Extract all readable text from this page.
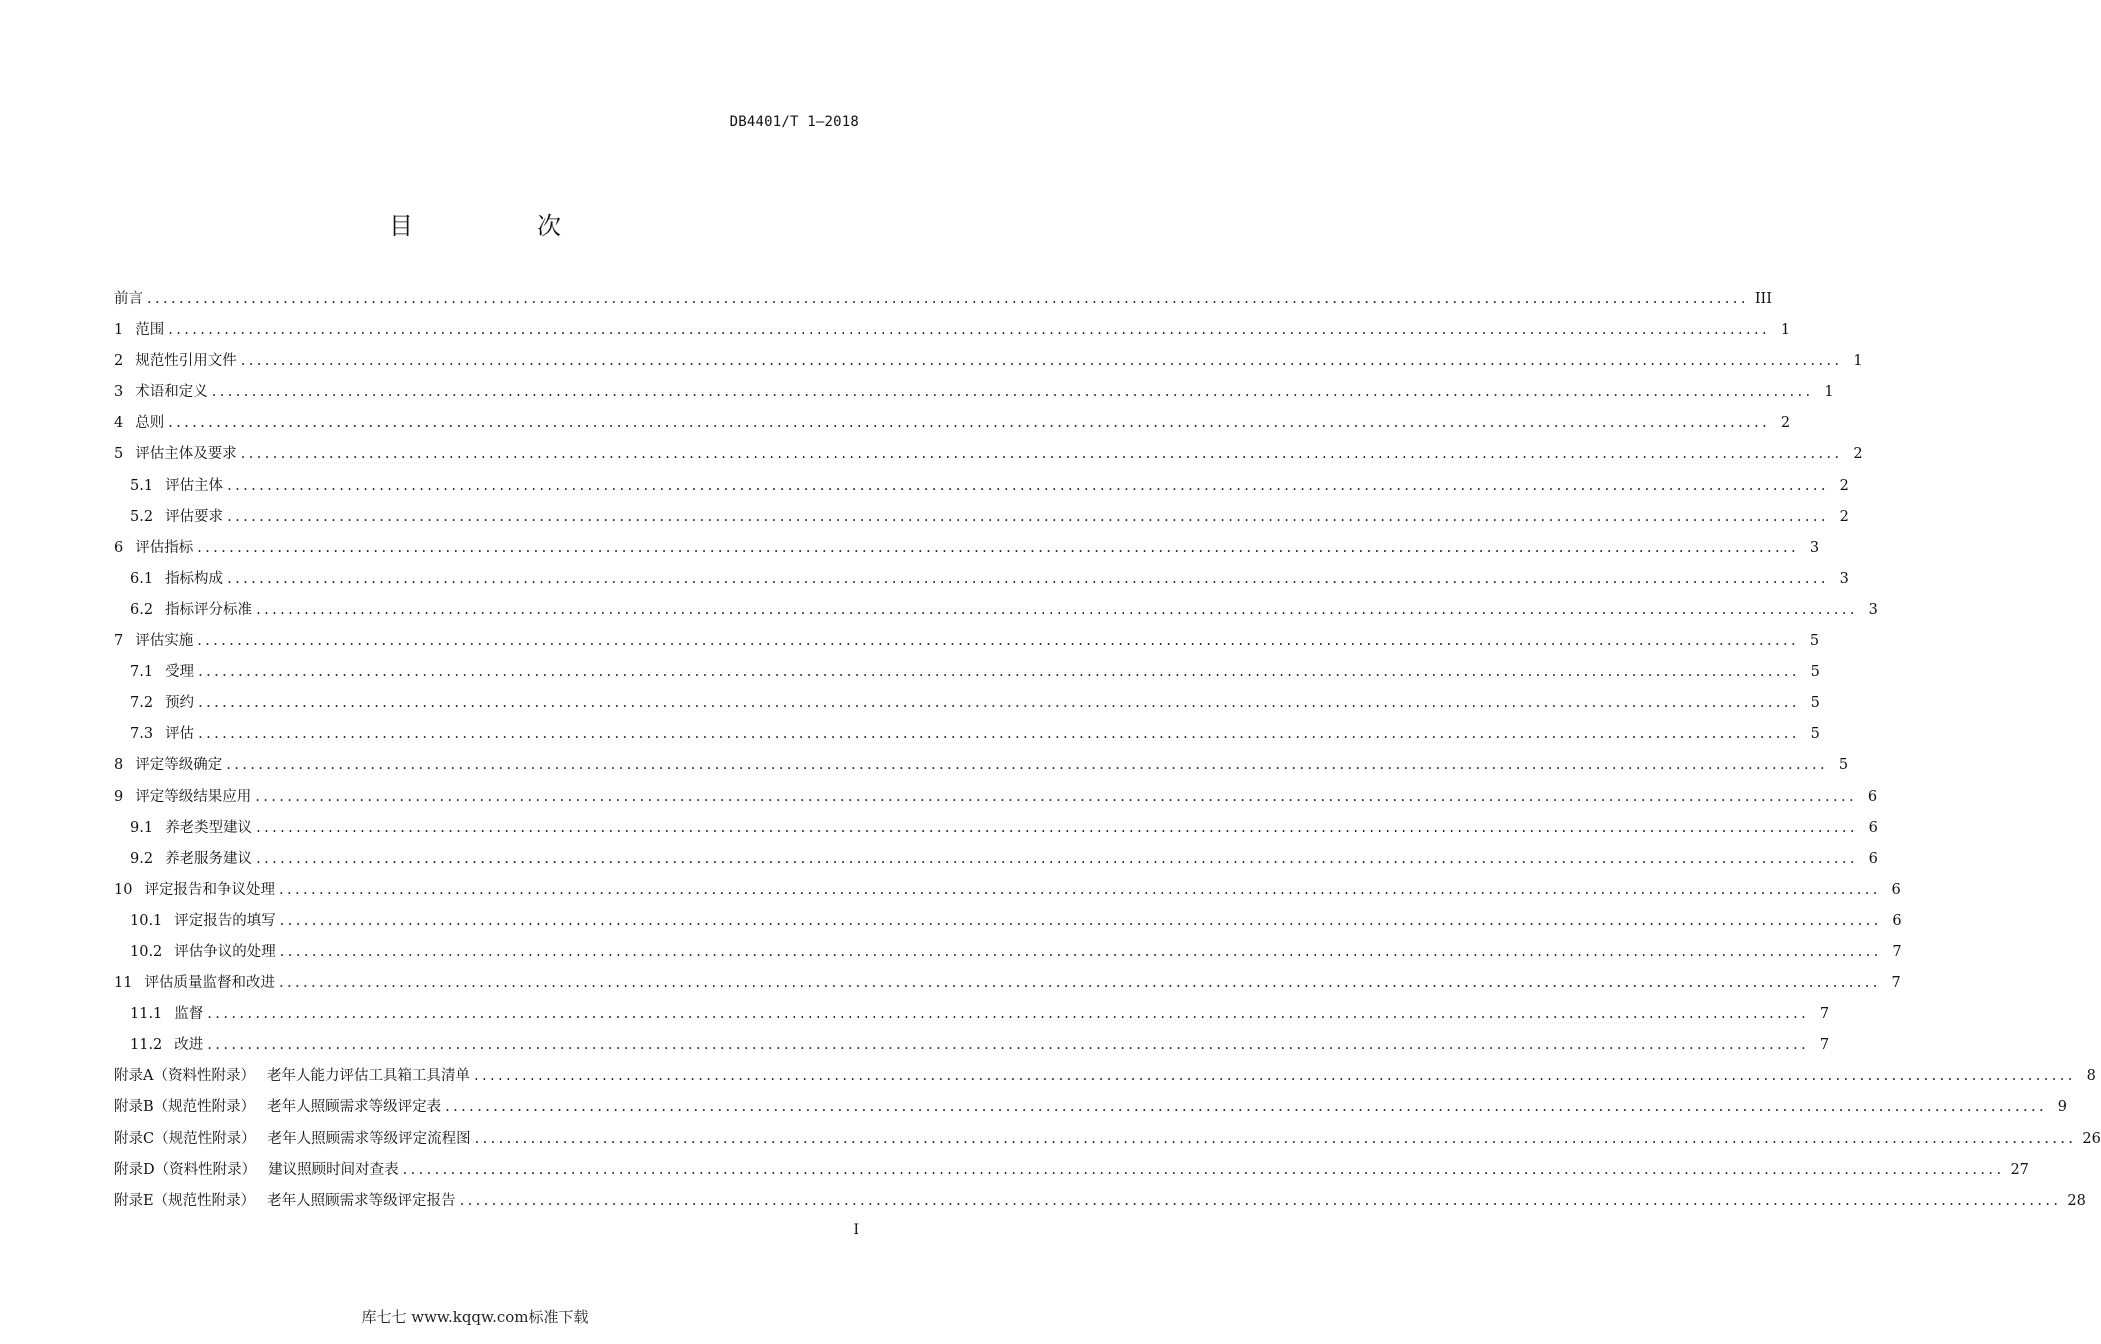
DB4401/T 1—2018
目　次
前言 ........................................................................................................................................................................................................ III
1 范围 ........................................................................................................................................................................................................ 1
2 规范性引用文件 ........................................................................................................................................................................................................ 1
3 术语和定义 ........................................................................................................................................................................................................ 1
4 总则 ........................................................................................................................................................................................................ 2
5 评估主体及要求 ........................................................................................................................................................................................................ 2
5.1 评估主体 ........................................................................................................................................................................................................ 2
5.2 评估要求 ........................................................................................................................................................................................................ 2
6 评估指标 ........................................................................................................................................................................................................ 3
6.1 指标构成 ........................................................................................................................................................................................................ 3
6.2 指标评分标准 ........................................................................................................................................................................................................ 3
7 评估实施 ........................................................................................................................................................................................................ 5
7.1 受理 ........................................................................................................................................................................................................ 5
7.2 预约 ........................................................................................................................................................................................................ 5
7.3 评估 ........................................................................................................................................................................................................ 5
8 评定等级确定 ........................................................................................................................................................................................................ 5
9 评定等级结果应用 ........................................................................................................................................................................................................ 6
9.1 养老类型建议 ........................................................................................................................................................................................................ 6
9.2 养老服务建议 ........................................................................................................................................................................................................ 6
10 评定报告和争议处理 ........................................................................................................................................................................................................ 6
10.1 评定报告的填写 ........................................................................................................................................................................................................ 6
10.2 评估争议的处理 ........................................................................................................................................................................................................ 7
11 评估质量监督和改进 ........................................................................................................................................................................................................ 7
11.1 监督 ........................................................................................................................................................................................................ 7
11.2 改进 ........................................................................................................................................................................................................ 7
附录A（资料性附录） 老年人能力评估工具箱工具清单 ........................................................................................................................................................................................................ 8
附录B（规范性附录） 老年人照顾需求等级评定表 ........................................................................................................................................................................................................ 9
附录C（规范性附录） 老年人照顾需求等级评定流程图 ........................................................................................................................................................................................................ 26
附录D（资料性附录） 建议照顾时间对查表 ........................................................................................................................................................................................................ 27
附录E（规范性附录） 老年人照顾需求等级评定报告 ........................................................................................................................................................................................................ 28
I
库七七 www.kqqw.com标准下载
